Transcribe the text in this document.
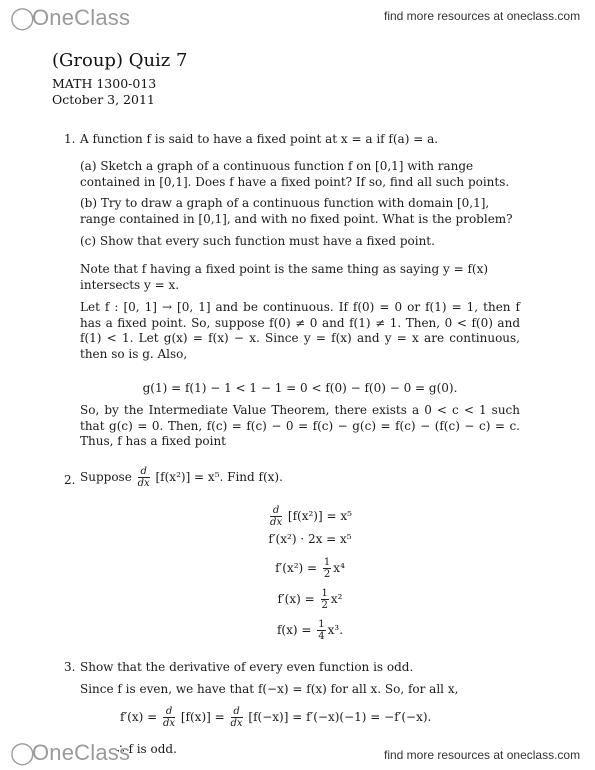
◯OneClass	find more resources at oneclass.com
(Group) Quiz 7
MATH 1300-013
October 3, 2011
1. A function f is said to have a fixed point at x = a if f(a) = a.
(a) Sketch a graph of a continuous function f on [0,1] with range contained in [0,1]. Does f have a fixed point? If so, find all such points.
(b) Try to draw a graph of a continuous function with domain [0,1], range contained in [0,1], and with no fixed point. What is the problem?
(c) Show that every such function must have a fixed point.
Note that f having a fixed point is the same thing as saying y = f(x) intersects y = x.
Let f : [0, 1] → [0, 1] and be continuous. If f(0) = 0 or f(1) = 1, then f has a fixed point. So, suppose f(0) ≠ 0 and f(1) ≠ 1. Then, 0 < f(0) and f(1) < 1. Let g(x) = f(x) − x. Since y = f(x) and y = x are continuous, then so is g. Also,
g(1) = f(1) − 1 < 1 − 1 = 0 < f(0) − f(0) − 0 = g(0).
So, by the Intermediate Value Theorem, there exists a 0 < c < 1 such that g(c) = 0. Then, f(c) = f(c) − 0 = f(c) − g(c) = f(c) − (f(c) − c) = c. Thus, f has a fixed point
2. Suppose $\frac{d}{dx} [f(x^2)] = x^5$. Find f(x).
$\frac{d}{dx} [f(x^2)] = x^5$
f′(x²) · 2x = x⁵
$f'(x^2) = \frac{1}{2} x^4$
$f'(x) = \frac{1}{2} x^2$
$f(x) = \frac{1}{4} x^3$.
3. Show that the derivative of every even function is odd.
Since f is even, we have that f(−x) = f(x) for all x. So, for all x,
$f'(x) = \frac{d}{dx} [f(x)] = \frac{d}{dx} [f(-x)] = f'(-x)(-1) = -f'(-x)$.
∴ f is odd.
◯OneClass	find more resources at oneclass.com
